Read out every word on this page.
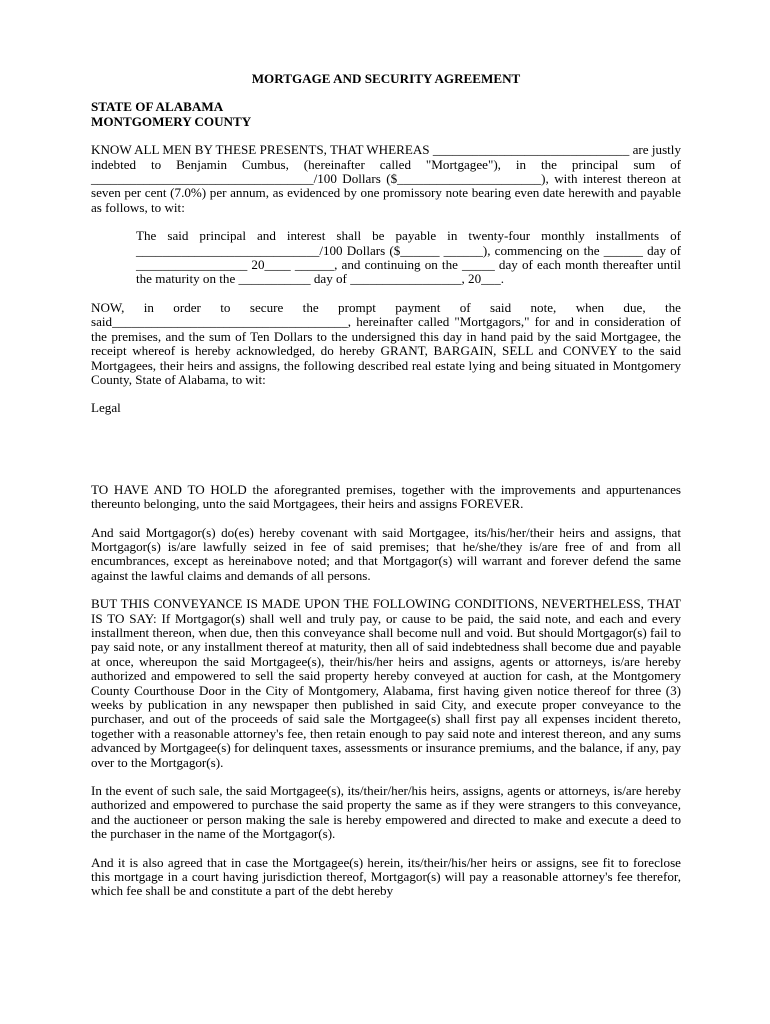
MORTGAGE AND SECURITY AGREEMENT
STATE OF ALABAMA
MONTGOMERY COUNTY

KNOW ALL MEN BY THESE PRESENTS, THAT WHEREAS ______________________________ are justly indebted to Benjamin Cumbus, (hereinafter called "Mortgagee"), in the principal sum of __________________________________/100 Dollars ($______________________), with interest thereon at seven per cent (7.0%) per annum, as evidenced by one promissory note bearing even date herewith and payable as follows, to wit:

The said principal and interest shall be payable in twenty-four monthly installments of ____________________________/100 Dollars ($______ ______), commencing on the ______ day of _________________ 20____ ______, and continuing on the _____ day of each month thereafter until the maturity on the ___________ day of _________________, 20___.

NOW, in order to secure the prompt payment of said note, when due, the said____________________________________, hereinafter called "Mortgagors," for and in consideration of the premises, and the sum of Ten Dollars to the undersigned this day in hand paid by the said Mortgagee, the receipt whereof is hereby acknowledged, do hereby GRANT, BARGAIN, SELL and CONVEY to the said Mortgagees, their heirs and assigns, the following described real estate lying and being situated in Montgomery County, State of Alabama, to wit:

Legal

TO HAVE AND TO HOLD the aforegranted premises, together with the improvements and appurtenances thereunto belonging, unto the said Mortgagees, their heirs and assigns FOREVER.

And said Mortgagor(s) do(es) hereby covenant with said Mortgagee, its/his/her/their heirs and assigns, that Mortgagor(s) is/are lawfully seized in fee of said premises; that he/she/they is/are free of and from all encumbrances, except as hereinabove noted; and that Mortgagor(s) will warrant and forever defend the same against the lawful claims and demands of all persons.

BUT THIS CONVEYANCE IS MADE UPON THE FOLLOWING CONDITIONS, NEVERTHELESS, THAT IS TO SAY: If Mortgagor(s) shall well and truly pay, or cause to be paid, the said note, and each and every installment thereon, when due, then this conveyance shall become null and void. But should Mortgagor(s) fail to pay said note, or any installment thereof at maturity, then all of said indebtedness shall become due and payable at once, whereupon the said Mortgagee(s), their/his/her heirs and assigns, agents or attorneys, is/are hereby authorized and empowered to sell the said property hereby conveyed at auction for cash, at the Montgomery County Courthouse Door in the City of Montgomery, Alabama, first having given notice thereof for three (3) weeks by publication in any newspaper then published in said City, and execute proper conveyance to the purchaser, and out of the proceeds of said sale the Mortgagee(s) shall first pay all expenses incident thereto, together with a reasonable attorney's fee, then retain enough to pay said note and interest thereon, and any sums advanced by Mortgagee(s) for delinquent taxes, assessments or insurance premiums, and the balance, if any, pay over to the Mortgagor(s).

In the event of such sale, the said Mortgagee(s), its/their/her/his heirs, assigns, agents or attorneys, is/are hereby authorized and empowered to purchase the said property the same as if they were strangers to this conveyance, and the auctioneer or person making the sale is hereby empowered and directed to make and execute a deed to the purchaser in the name of the Mortgagor(s).

And it is also agreed that in case the Mortgagee(s) herein, its/their/his/her heirs or assigns, see fit to foreclose this mortgage in a court having jurisdiction thereof, Mortgagor(s) will pay a reasonable attorney's fee therefor, which fee shall be and constitute a part of the debt hereby
